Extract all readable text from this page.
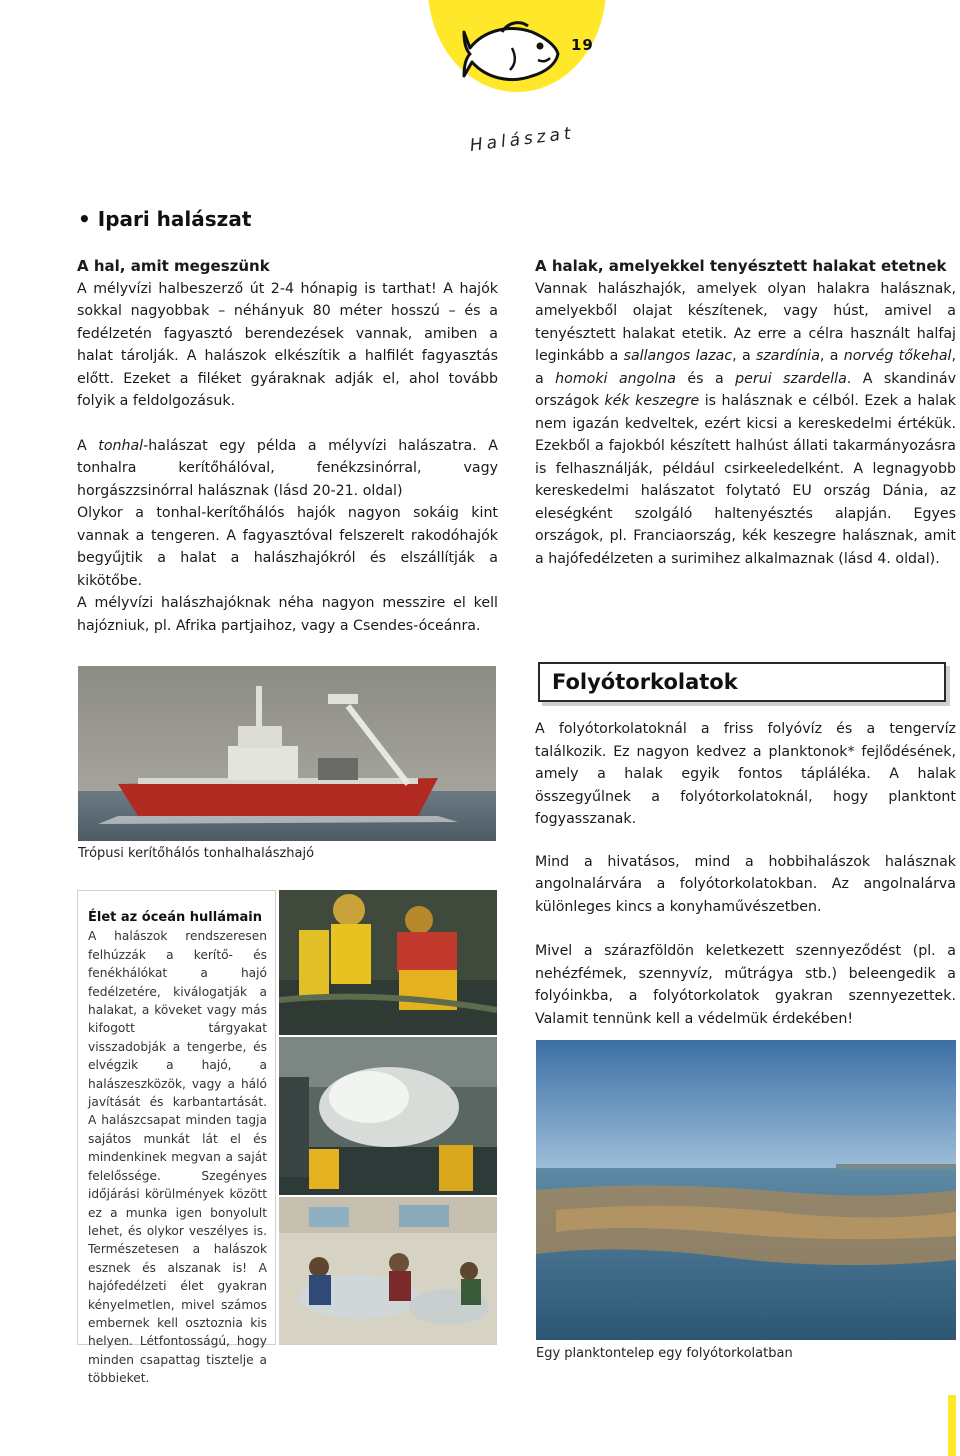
19
Halászat
• Ipari halászat

A hal, amit megeszünk

A mélyvízi halbeszerző út 2-4 hónapig is tarthat! A hajók sokkal nagyobbak – néhányuk 80 méter hosszú – és a fedélzetén fagyasztó berendezések vannak, amiben a halat tárolják. A halászok elkészítik a halfilét fagyasztás előtt. Ezeket a filéket gyáraknak adják el, ahol tovább folyik a feldolgozásuk.

A tonhal-halászat egy példa a mélyvízi halászatra. A tonhalra kerítőhálóval, fenékzsinórral, vagy horgászzsinórral halásznak (lásd 20-21. oldal)

Olykor a tonhal-kerítőhálós hajók nagyon sokáig kint vannak a tengeren. A fagyasztóval felszerelt rakodóhajók begyűjtik a halat a halászhajókról és elszállítják a kikötőbe.

A mélyvízi halászhajóknak néha nagyon messzire el kell hajózniuk, pl. Afrika partjaihoz, vagy a Csendes-óceánra.

A halak, amelyekkel tenyésztett halakat etetnek

Vannak halászhajók, amelyek olyan halakra halásznak, amelyekből olajat készítenek, vagy húst, amivel a tenyésztett halakat etetik. Az erre a célra használt halfaj leginkább a sallangos lazac, a szardínia, a norvég tőkehal, a homoki angolna és a perui szardella. A skandináv országok kék keszegre is halásznak e célból. Ezek a halak nem igazán kedveltek, ezért kicsi a kereskedelmi értékük. Ezekből a fajokból készített halhúst állati takarmányozásra is felhasználják, például csirkeeledelként. A legnagyobb kereskedelmi halászatot folytató EU ország Dánia, az eleségként szolgáló haltenyésztés alapján. Egyes országok, pl. Franciaország, kék keszegre halásznak, amit a hajófedélzeten a surimihez alkalmaznak (lásd 4. oldal).

Trópusi kerítőhálós tonhalhalászhajó

Élet az óceán hullámain

A halászok rendszeresen felhúzzák a kerítő- és fenékhálókat a hajó fedélzetére, kiválogatják a halakat, a köveket vagy más kifogott tárgyakat visszadobják a tengerbe, és elvégzik a hajó, a halászeszközök, vagy a háló javítását és karbantartását. A halászcsapat minden tagja sajátos munkát lát el és mindenkinek megvan a saját felelőssége. Szegényes időjárási körülmények között ez a munka igen bonyolult lehet, és olykor veszélyes is. Természetesen a halászok esznek és alszanak is! A hajófedélzeti élet gyakran kényelmetlen, mivel számos embernek kell osztoznia kis helyen. Létfontosságú, hogy minden csapattag tisztelje a többieket.

Folyótorkolatok

A folyótorkolatoknál a friss folyóvíz és a tengervíz találkozik. Ez nagyon kedvez a planktonok* fejlődésének, amely a halak egyik fontos tápláléka. A halak összegyűlnek a folyótorkolatoknál, hogy planktont fogyasszanak.

Mind a hivatásos, mind a hobbihalászok halásznak angolnalárvára a folyótorkolatokban. Az angolnalárva különleges kincs a konyhaművészetben.

Mivel a szárazföldön keletkezett szennyeződést (pl. a nehézfémek, szennyvíz, műtrágya stb.) beleengedik a folyóinkba, a folyótorkolatok gyakran szennyezettek. Valamit tennünk kell a védelmük érdekében!

Egy planktontelep egy folyótorkolatban
